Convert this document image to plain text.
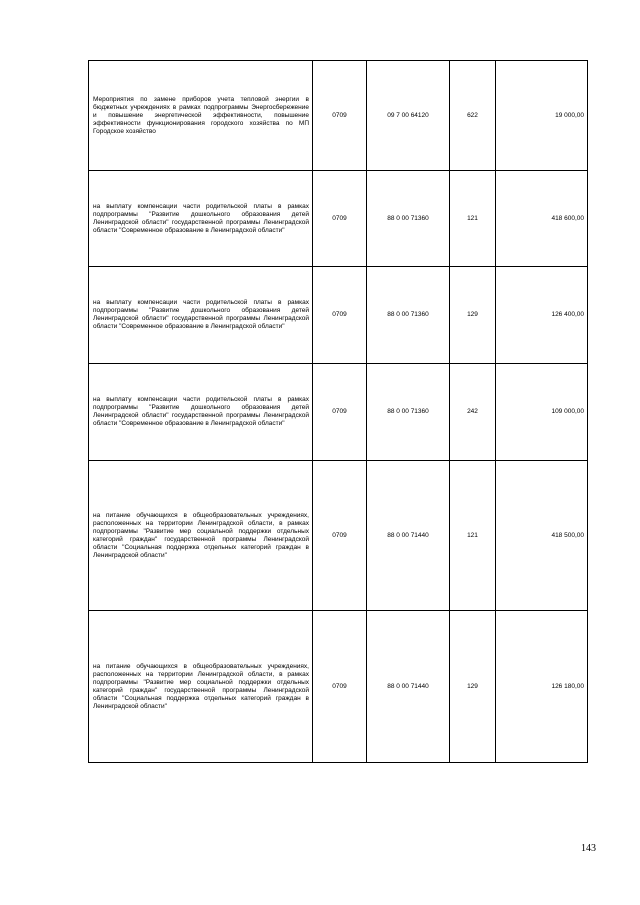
Мероприятия по замене приборов учета тепловой энергии в бюджетных учреждениях в рамках подпрограммы Энергосбережение и повышение энергетической эффективности, повышение эффективности функционирования городского хозяйства по МП Городское хозяйство	0709	09 7 00 64120	622	19 000,00
на выплату компенсации части родительской платы в рамках подпрограммы "Развитие дошкольного образования детей Ленинградской области" государственной программы Ленинградской области "Современное образование в Ленинградской области"	0709	88 0 00 71360	121	418 600,00
на выплату компенсации части родительской платы в рамках подпрограммы "Развитие дошкольного образования детей Ленинградской области" государственной программы Ленинградской области "Современное образование в Ленинградской области"	0709	88 0 00 71360	129	126 400,00
на выплату компенсации части родительской платы в рамках подпрограммы "Развитие дошкольного образования детей Ленинградской области" государственной программы Ленинградской области "Современное образование в Ленинградской области"	0709	88 0 00 71360	242	109 000,00
на питание обучающихся в общеобразовательных учреждениях, расположенных на территории Ленинградской области, в рамках подпрограммы "Развитие мер социальной поддержки отдельных категорий граждан" государственной программы Ленинградской области "Социальная поддержка отдельных категорий граждан в Ленинградской области"	0709	88 0 00 71440	121	418 500,00
на питание обучающихся в общеобразовательных учреждениях, расположенных на территории Ленинградской области, в рамках подпрограммы "Развитие мер социальной поддержки отдельных категорий граждан" государственной программы Ленинградской области "Социальная поддержка отдельных категорий граждан в Ленинградской области"	0709	88 0 00 71440	129	126 180,00
143
